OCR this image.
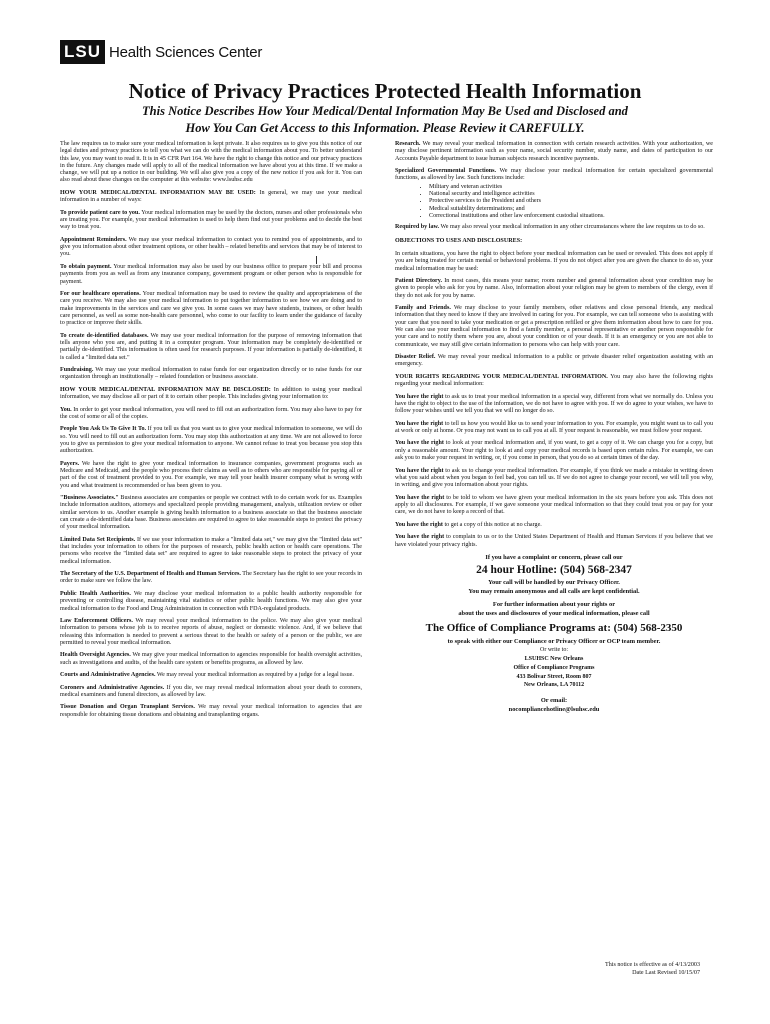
LSU Health Sciences Center
Notice of Privacy Practices Protected Health Information
This Notice Describes How Your Medical/Dental Information May Be Used and Disclosed and
How You Can Get Access to this Information. Please Review it CAREFULLY.

The law requires us to make sure your medical information is kept private. It also requires us to give you this notice of our legal duties and privacy practices to tell you what we can do with the medical information about you. To better understand this law, you may want to read it. It is in 45 CFR Part 164. We have the right to change this notice and our privacy practices in the future. Any changes made will apply to all of the medical information we have about you at this time. If we make a change, we will put up a notice in our building. We will also give you a copy of the new notice if you ask for it. You can also read about these changes on the computer at this website: www.lsuhsc.edu

HOW YOUR MEDICAL/DENTAL INFORMATION MAY BE USED: In general, we may use your medical information in a number of ways:

To provide patient care to you. Your medical information may be used by the doctors, nurses and other professionals who are treating you. For example, your medical information is used to help them find out your problems and to decide the best way to treat you.

Appointment Reminders. We may use your medical information to contact you to remind you of appointments, and to give you information about other treatment options, or other health – related benefits and services that may be of interest to you.

To obtain payment. Your medical information may also be used by our business office to prepare your bill and process payments from you as well as from any insurance company, government program or other person who is responsible for payment.

For our healthcare operations. Your medical information may be used to review the quality and appropriateness of the care you receive. We may also use your medical information to put together information to see how we are doing and to make improvements in the services and care we give you. In some cases we may have students, trainees, or other health care personnel, as well as some non-health care personnel, who come to our facility to learn under the guidance of faculty to practice or improve their skills.

To create de-identified databases. We may use your medical information for the purpose of removing information that tells anyone who you are, and putting it in a computer program. Your information may be completely de-identified or partially de-identified. This information is often used for research purposes. If your information is partially de-identified, it is called a "limited data set."

Fundraising. We may use your medical information to raise funds for our organization directly or to raise funds for our organization through an institutionally – related foundation or business associate.

HOW YOUR MEDICAL/DENTAL INFORMATION MAY BE DISCLOSED: In addition to using your medical information, we may disclose all or part of it to certain other people. This includes giving your information to:

You. In order to get your medical information, you will need to fill out an authorization form. You may also have to pay for the cost of some or all of the copies.

People You Ask Us To Give It To. If you tell us that you want us to give your medical information to someone, we will do so. You will need to fill out an authorization form. You may stop this authorization at any time. We are not allowed to force you to give us permission to give your medical information to anyone. We cannot refuse to treat you because you stop this authorization.

Payers. We have the right to give your medical information to insurance companies, government programs such as Medicare and Medicaid, and the people who process their claims as well as to others who are responsible for paying all or part of the cost of treatment provided to you. For example, we may tell your health insurer company what is wrong with you and what treatment is recommended or has been given to you.

"Business Associates." Business associates are companies or people we contract with to do certain work for us. Examples include information auditors, attorneys and specialized people providing management, analysis, utilization review or other similar services to us. Another example is giving health information to a business associate so that the business associate can create a de-identified data base. Business associates are required to agree to take reasonable steps to protect the privacy of your medical information.

Limited Data Set Recipients. If we use your information to make a "limited data set," we may give the "limited data set" that includes your information to others for the purposes of research, public health action or health care operations. The persons who receive the "limited data set" are required to agree to take reasonable steps to protect the privacy of your medical information.

The Secretary of the U.S. Department of Health and Human Services. The Secretary has the right to see your records in order to make sure we follow the law.

Public Health Authorities. We may disclose your medical information to a public health authority responsible for preventing or controlling disease, maintaining vital statistics or other public health functions. We may also give your medical information to the Food and Drug Administration in connection with FDA-regulated products.

Law Enforcement Officers. We may reveal your medical information to the police. We may also give your medical information to persons whose job is to receive reports of abuse, neglect or domestic violence. And, if we believe that releasing this information is needed to prevent a serious threat to the health or safety of a person or the public, we are permitted to reveal your medical information.

Health Oversight Agencies. We may give your medical information to agencies responsible for health oversight activities, such as investigations and audits, of the health care system or benefits programs, as allowed by law.

Courts and Administrative Agencies. We may reveal your medical information as required by a judge for a legal issue.

Coroners and Administrative Agencies. If you die, we may reveal medical information about your death to coroners, medical examiners and funeral directors, as allowed by law.

Tissue Donation and Organ Transplant Services. We may reveal your medical information to agencies that are responsible for obtaining tissue donations and obtaining and transplanting organs.

Research. We may reveal your medical information in connection with certain research activities. With your authorization, we may disclose pertinent information such as your name, social security number, study name, and dates of participation to our Accounts Payable department to issue human subjects research incentive payments.

Specialized Governmental Functions. We may disclose your medical information for certain specialized governmental functions, as allowed by law. Such functions include:

• Military and veteran activities
• National security and intelligence activities
• Protective services to the President and others
• Medical suitability determinations; and
• Correctional institutions and other law enforcement custodial situations.

Required by law. We may also reveal your medical information in any other circumstances where the law requires us to do so.

OBJECTIONS TO USES AND DISCLOSURES:

In certain situations, you have the right to object before your medical information can be used or revealed. This does not apply if you are being treated for certain mental or behavioral problems. If you do not object after you are given the chance to do so, your medical information may be used:

Patient Directory. In most cases, this means your name; room number and general information about your condition may be given to people who ask for you by name. Also, information about your religion may be given to members of the clergy, even if they do not ask for you by name.

Family and Friends. We may disclose to your family members, other relatives and close personal friends, any medical information that they need to know if they are involved in caring for you. For example, we can tell someone who is assisting with your care that you need to take your medication or get a prescription refilled or give them information about how to care for you. We can also use your medical information to find a family member, a personal representative or another person responsible for your care and to notify them where you are, about your condition or of your death. If it is an emergency or you are not able to communicate, we may still give certain information to persons who can help with your care.

Disaster Relief. We may reveal your medical information to a public or private disaster relief organization assisting with an emergency.

YOUR RIGHTS REGARDING YOUR MEDICAL/DENTAL INFORMATION. You may also have the following rights regarding your medical information:

You have the right to ask us to treat your medical information in a special way, different from what we normally do. Unless you have the right to object to the use of the information, we do not have to agree with you. If we do agree to your wishes, we have to follow your wishes until we tell you that we will no longer do so.

You have the right to tell us how you would like us to send your information to you. For example, you might want us to call you at work or only at home. Or you may not want us to call you at all. If your request is reasonable, we must follow your request.

You have the right to look at your medical information and, if you want, to get a copy of it. We can charge you for a copy, but only a reasonable amount. Your right to look at and copy your medical records is based upon certain rules. For example, we can ask you to make your request in writing, or, if you come in person, that you do so at certain times of the day.

You have the right to ask us to change your medical information. For example, if you think we made a mistake in writing down what you said about when you began to feel bad, you can tell us. If we do not agree to change your record, we will tell you why, in writing, and give you information about your rights.

You have the right to be told to whom we have given your medical information in the six years before you ask. This does not apply to all disclosures. For example, if we gave someone your medical information so that they could treat you or pay for your care, we do not have to keep a record of that.

You have the right to get a copy of this notice at no charge.

You have the right to complain to us or to the United States Department of Health and Human Services if you believe that we have violated your privacy rights.

If you have a complaint or concern, please call our

24 hour Hotline: (504) 568-2347

Your call will be handled by our Privacy Officer.

You may remain anonymous and all calls are kept confidential.

For further information about your rights or

about the uses and disclosures of your medical information, please call

The Office of Compliance Programs at: (504) 568-2350

to speak with either our Compliance or Privacy Officer or OCP team member.

Or write to:

LSUHSC New Orleans

Office of Compliance Programs

433 Bolivar Street, Room 807

New Orleans, LA 70112

Or email:

nocompliancehotline@lsuhsc.edu

This notice is effective as of 4/13/2003
Date Last Revised 10/15/07
